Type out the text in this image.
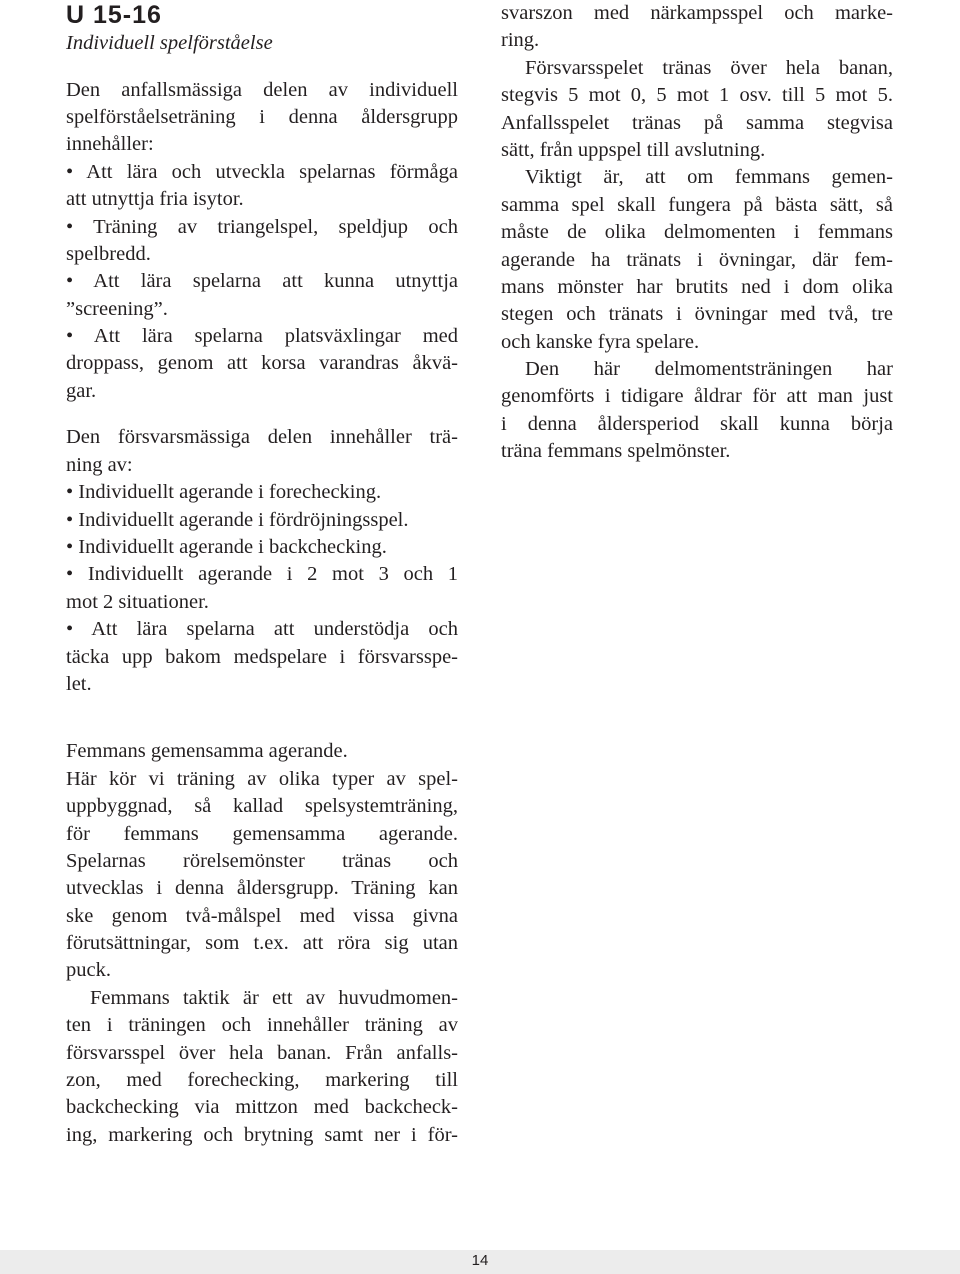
U 15-16
Individuell spelförståelse
Den anfallsmässiga delen av individuell
spelförståelseträning i denna åldersgrupp
innehåller:
• Att lära och utveckla spelarnas förmåga
att utnyttja fria isytor.
• Träning av triangelspel, speldjup och
spelbredd.
• Att lära spelarna att kunna utnyttja
”screening”.
• Att lära spelarna platsväxlingar med
droppass, genom att korsa varandras åkvä-
gar.
Den försvarsmässiga delen innehåller trä-
ning av:
• Individuellt agerande i forechecking.
• Individuellt agerande i fördröjningsspel.
• Individuellt agerande i backchecking.
• Individuellt agerande i 2 mot 3 och 1
mot 2 situationer.
• Att lära spelarna att understödja och
täcka upp bakom medspelare i försvarsspe-
let.
Femmans gemensamma agerande.
Här kör vi träning av olika typer av spel-
uppbyggnad, så kallad spelsystemträning,
för femmans gemensamma agerande.
Spelarnas rörelsemönster tränas och
utvecklas i denna åldersgrupp. Träning kan
ske genom två-målspel med vissa givna
förutsättningar, som t.ex. att röra sig utan
puck.
Femmans taktik är ett av huvudmomen-
ten i träningen och innehåller träning av
försvarsspel över hela banan. Från anfalls-
zon, med forechecking, markering till
backchecking via mittzon med backcheck-
ing, markering och brytning samt ner i för-
svarszon med närkampsspel och marke-
ring.
Försvarsspelet tränas över hela banan,
stegvis 5 mot 0, 5 mot 1 osv. till 5 mot 5.
Anfallsspelet tränas på samma stegvisa
sätt, från uppspel till avslutning.
Viktigt är, att om femmans gemen-
samma spel skall fungera på bästa sätt, så
måste de olika delmomenten i femmans
agerande ha tränats i övningar, där fem-
mans mönster har brutits ned i dom olika
stegen och tränats i övningar med två, tre
och kanske fyra spelare.
Den här delmomentsträningen har
genomförts i tidigare åldrar för att man just
i denna åldersperiod skall kunna börja
träna femmans spelmönster.
14
